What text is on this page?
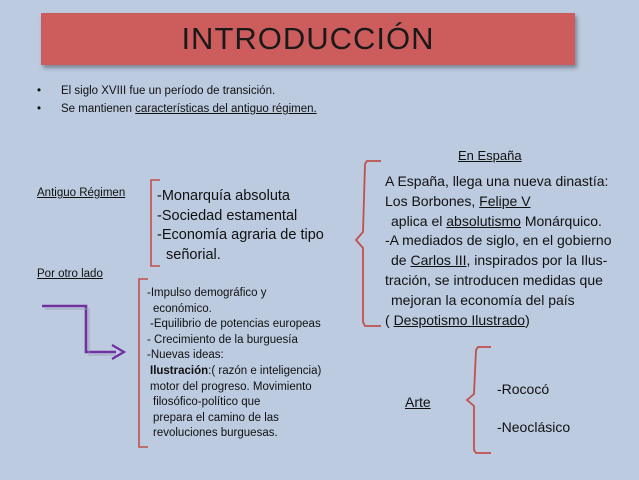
INTRODUCCIÓN
•	El siglo XVIII fue un período de transición.
•	Se mantienen características del antiguo régimen.
Antiguo Régimen -Monarquía absoluta
-Sociedad estamental
-Economía agraria de tipo
señorial.
Por otro lado
-Impulso demográfico y
económico.
-Equilibrio de potencias europeas
- Crecimiento de la burguesía
-Nuevas ideas:
Ilustración:( razón e inteligencia)
motor del progreso. Movimiento
filosófico-político que
prepara el camino de las
revoluciones burguesas.
En España
A España, llega una nueva dinastía:
Los Borbones, Felipe V
aplica el absolutismo Monárquico.
-A mediados de siglo, en el gobierno
de Carlos III, inspirados por la Ilus-
tración, se introducen medidas que
mejoran la economía del país
( Despotismo Ilustrado)
Arte
-Rococó
-Neoclásico
